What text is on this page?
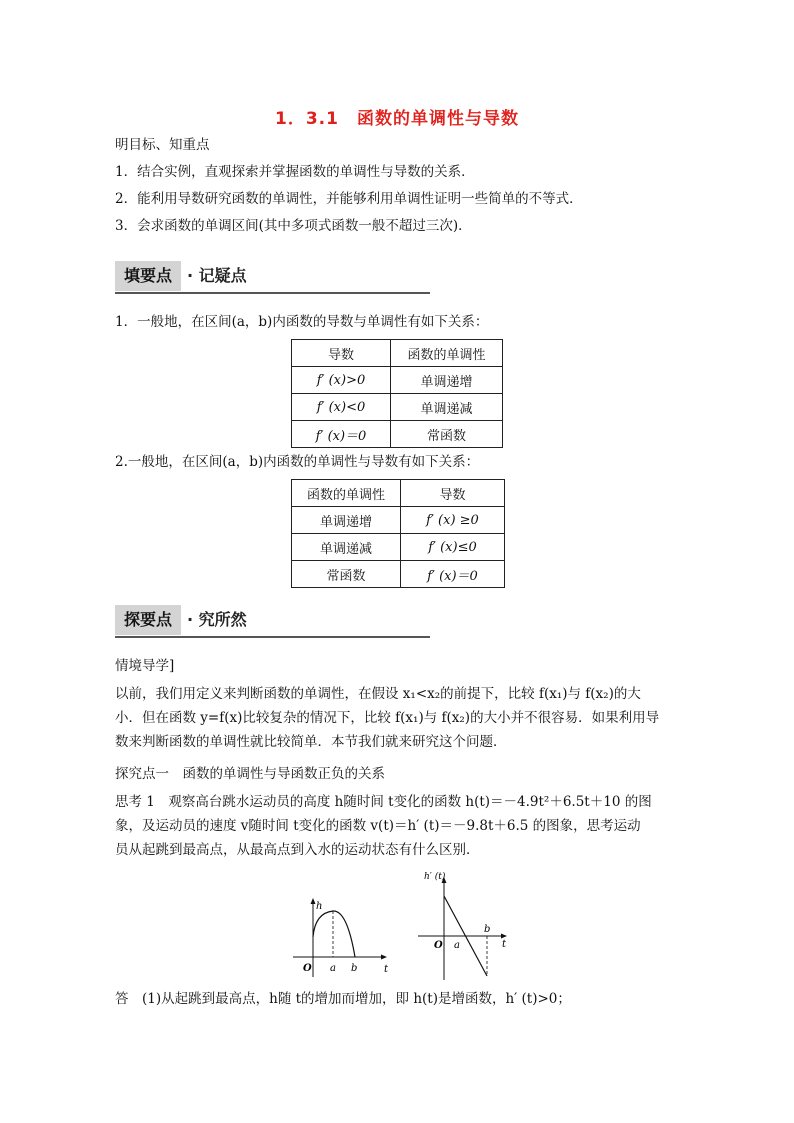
1．3.1　函数的单调性与导数
明目标、知重点
1．结合实例，直观探索并掌握函数的单调性与导数的关系．
2．能利用导数研究函数的单调性，并能够利用单调性证明一些简单的不等式．
3．会求函数的单调区间(其中多项式函数一般不超过三次)．
填要点 · 记疑点
1．一般地，在区间(a，b)内函数的导数与单调性有如下关系：
导数	函数的单调性
f′ (x)>0	单调递增
f′ (x)<0	单调递减
f′ (x)＝0	常函数
2.一般地，在区间(a，b)内函数的单调性与导数有如下关系：
函数的单调性	导数
单调递增	f′ (x) ≥0
单调递减	f′ (x)≤0
常函数	f′ (x)＝0
探要点 · 究所然
情境导学]
以前，我们用定义来判断函数的单调性，在假设 x₁<x₂的前提下，比较 f(x₁)与 f(x₂)的大
小．但在函数 y=f(x)比较复杂的情况下，比较 f(x₁)与 f(x₂)的大小并不很容易．如果利用导
数来判断函数的单调性就比较简单．本节我们就来研究这个问题．
探究点一　函数的单调性与导函数正负的关系
思考 1　观察高台跳水运动员的高度 h随时间 t变化的函数 h(t)＝－4.9t²＋6.5t＋10 的图
象，及运动员的速度 v随时间 t变化的函数 v(t)＝h′ (t)＝－9.8t＋6.5 的图象，思考运动
员从起跳到最高点，从最高点到入水的运动状态有什么区别．
h
t
O a b
h′ (t)
t
O a
b
答　(1)从起跳到最高点，h随 t的增加而增加，即 h(t)是增函数，h′ (t)>0；
